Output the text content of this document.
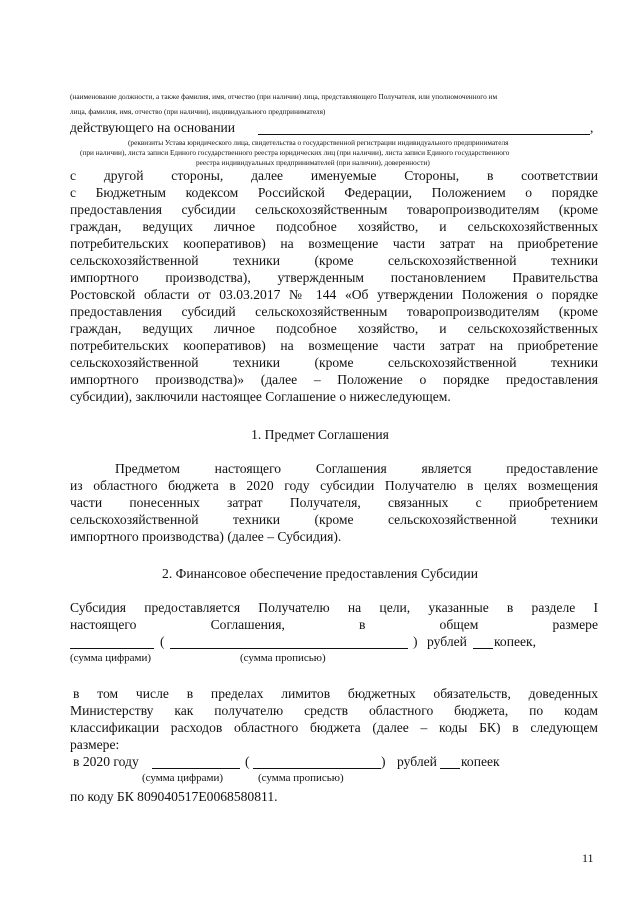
(наименование должности, а также фамилия, имя, отчество (при наличии) лица, представляющего Получателя, или уполномоченного им
лица, фамилия, имя, отчество (при наличии), индивидуального предпринимателя)
действующего на основании	,
(реквизиты Устава юридического лица, свидетельства о государственной регистрации индивидуального предпринимателя
(при наличии), листа записи Единого государственного реестра юридических лиц (при наличии), листа записи Единого государственного
реестра индивидуальных предпринимателей (при наличии), доверенности)
с другой стороны, далее именуемые Стороны, в соответствии
с Бюджетным кодексом Российской Федерации, Положением о порядке
предоставления субсидии сельскохозяйственным товаропроизводителям (кроме
граждан, ведущих личное подсобное хозяйство, и сельскохозяйственных
потребительских кооперативов) на возмещение части затрат на приобретение
сельскохозяйственной техники (кроме сельскохозяйственной техники
импортного производства), утвержденным постановлением Правительства
Ростовской области от 03.03.2017 № 144 «Об утверждении Положения о порядке
предоставления субсидий сельскохозяйственным товаропроизводителям (кроме
граждан, ведущих личное подсобное хозяйство, и сельскохозяйственных
потребительских кооперативов) на возмещение части затрат на приобретение
сельскохозяйственной техники (кроме сельскохозяйственной техники
импортного производства)» (далее – Положение о порядке предоставления
субсидии), заключили настоящее Соглашение о нижеследующем.
1. Предмет Соглашения
Предметом настоящего Соглашения является предоставление
из областного бюджета в 2020 году субсидии Получателю в целях возмещения
части понесенных затрат Получателя, связанных с приобретением
сельскохозяйственной техники (кроме сельскохозяйственной техники
импортного производства) (далее – Субсидия).
2. Финансовое обеспечение предоставления Субсидии
Субсидия предоставляется Получателю на цели, указанные в разделе I
настоящего Соглашения, в общем размере
(	) рублей копеек,
(сумма цифрами)	(сумма прописью)
в том числе в пределах лимитов бюджетных обязательств, доведенных
Министерству как получателю средств областного бюджета, по кодам
классификации расходов областного бюджета (далее – коды БК) в следующем
размере:
в 2020 году	(	) рублей копеек
(сумма цифрами)	(сумма прописью)
по коду БК 809040517Е0068580811.
11
